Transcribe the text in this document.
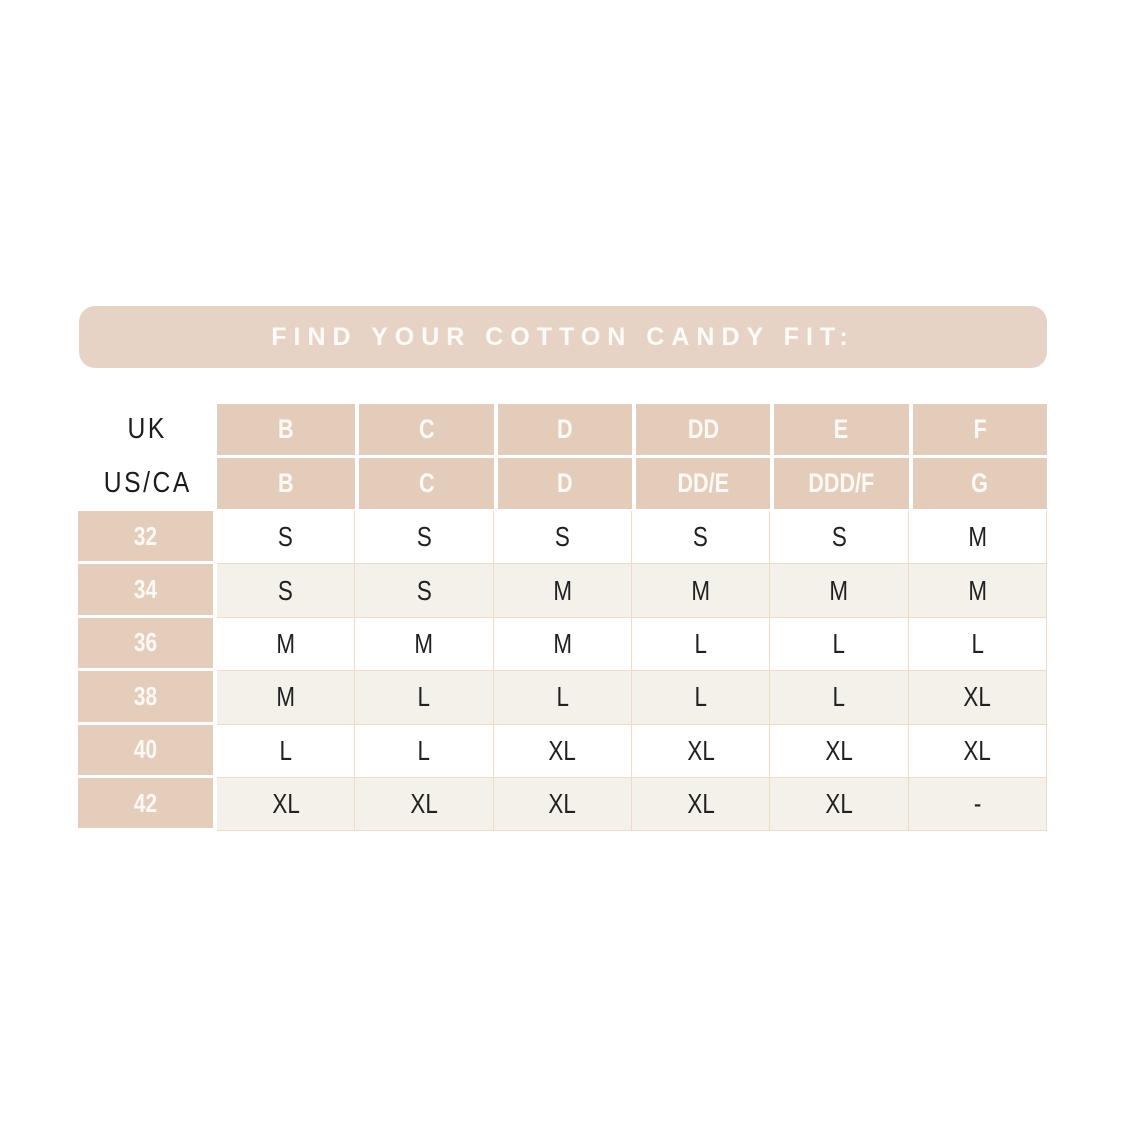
FIND YOUR COTTON CANDY FIT:
UK	B	C	D	DD	E	F
US/CA	B	C	D	DD/E	DDD/F	G
32	S	S	S	S	S	M
34	S	S	M	M	M	M
36	M	M	M	L	L	L
38	M	L	L	L	L	XL
40	L	L	XL	XL	XL	XL
42	XL	XL	XL	XL	XL	-
